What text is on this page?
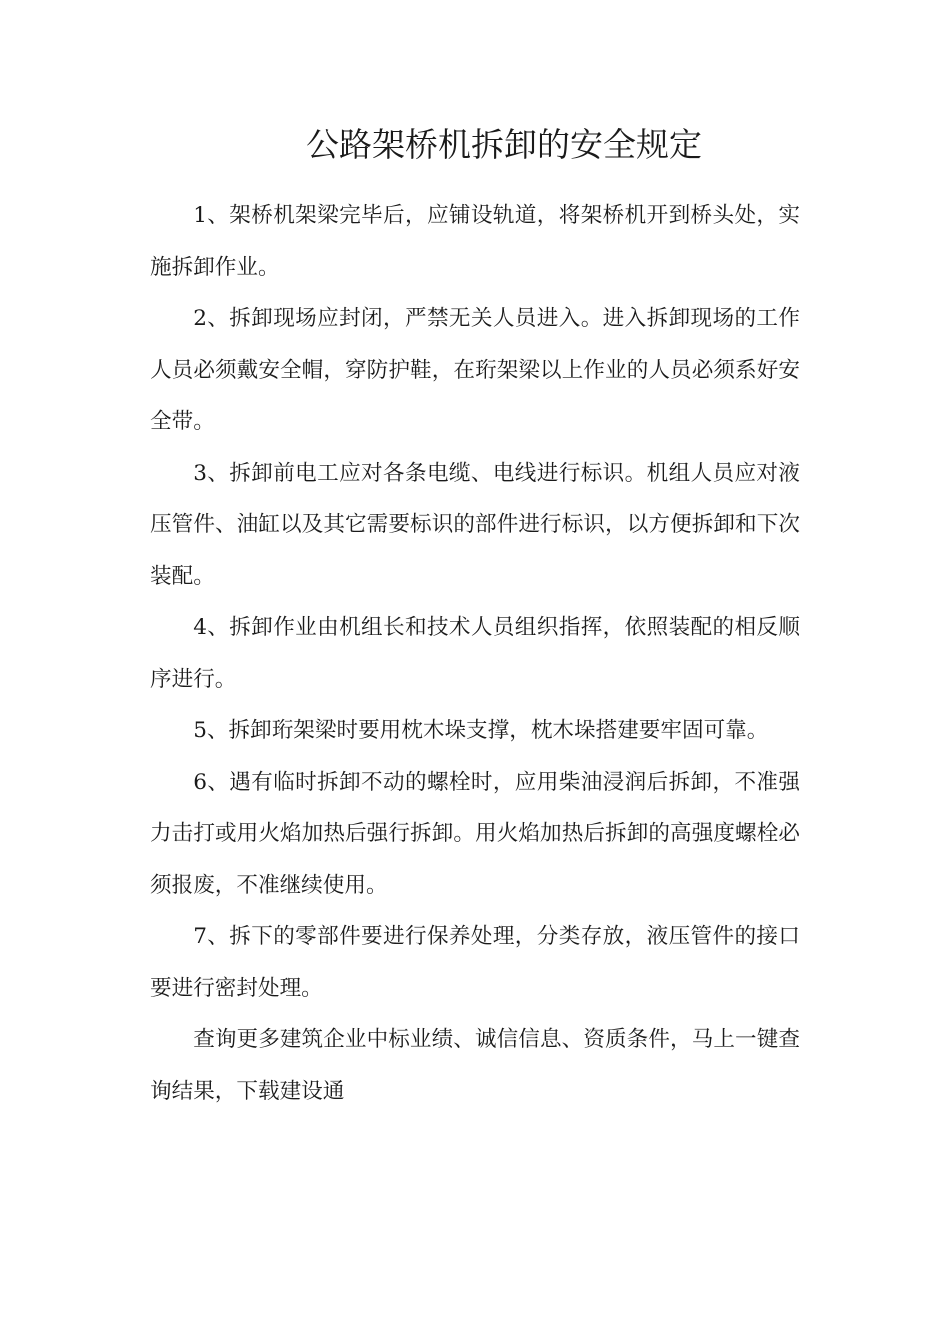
公路架桥机拆卸的安全规定

1、架桥机架梁完毕后，应铺设轨道，将架桥机开到桥头处，实施拆卸作业。

2、拆卸现场应封闭，严禁无关人员进入。进入拆卸现场的工作人员必须戴安全帽，穿防护鞋，在珩架梁以上作业的人员必须系好安全带。

3、拆卸前电工应对各条电缆、电线进行标识。机组人员应对液压管件、油缸以及其它需要标识的部件进行标识，以方便拆卸和下次装配。

4、拆卸作业由机组长和技术人员组织指挥，依照装配的相反顺序进行。

5、拆卸珩架梁时要用枕木垛支撑，枕木垛搭建要牢固可靠。

6、遇有临时拆卸不动的螺栓时，应用柴油浸润后拆卸，不准强力击打或用火焰加热后强行拆卸。用火焰加热后拆卸的高强度螺栓必须报废，不准继续使用。

7、拆下的零部件要进行保养处理，分类存放，液压管件的接口要进行密封处理。

查询更多建筑企业中标业绩、诚信信息、资质条件，马上一键查询结果，下载建设通
